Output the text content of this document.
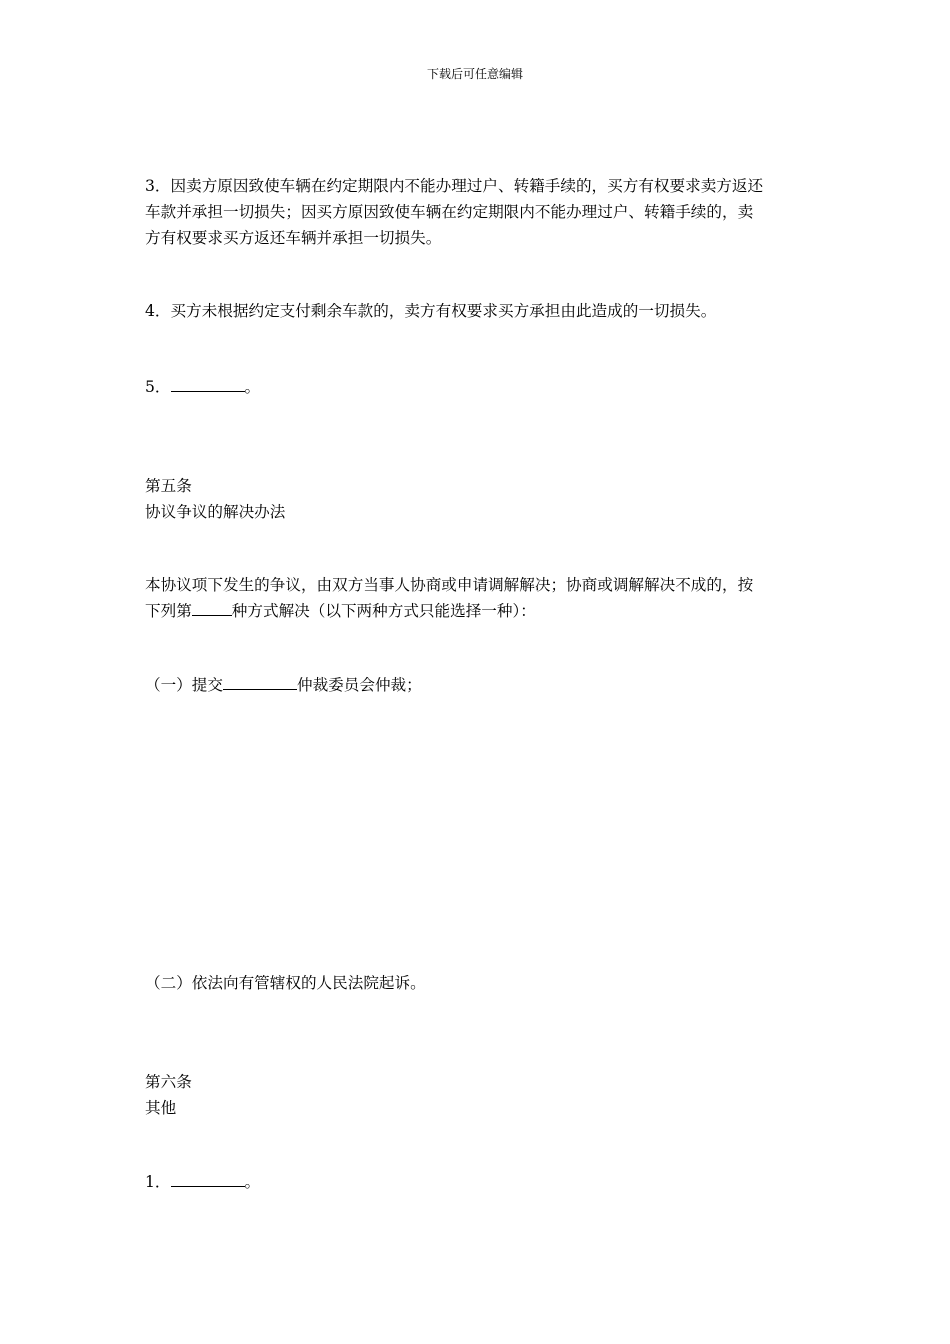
下载后可任意编辑

3．因卖方原因致使车辆在约定期限内不能办理过户、转籍手续的，买方有权要求卖方返还
车款并承担一切损失；因买方原因致使车辆在约定期限内不能办理过户、转籍手续的，卖
方有权要求买方返还车辆并承担一切损失。

4．买方未根据约定支付剩余车款的，卖方有权要求买方承担由此造成的一切损失。

5．	。

第五条
协议争议的解决办法

本协议项下发生的争议，由双方当事人协商或申请调解解决；协商或调解解决不成的，按
下列第	种方式解决（以下两种方式只能选择一种）：

（一）提交	仲裁委员会仲裁；

（二）依法向有管辖权的人民法院起诉。

第六条
其他

1．	。
